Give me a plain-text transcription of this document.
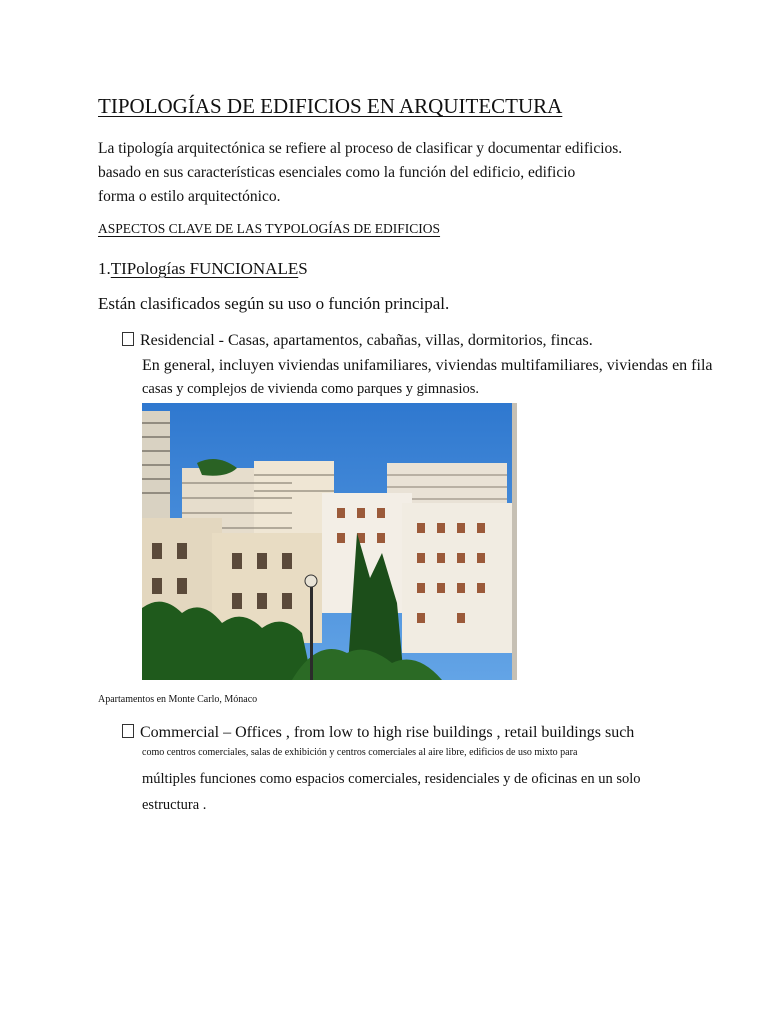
TIPOLOGÍAS DE EDIFICIOS EN ARQUITECTURA
La tipología arquitectónica se refiere al proceso de clasificar y documentar edificios.
basado en sus características esenciales como la función del edificio, edificio
forma o estilo arquitectónico.
ASPECTOS CLAVE DE LAS TYPOLOGÍAS DE EDIFICIOS
1.TIPologías FUNCIONALES
Están clasificados según su uso o función principal.
Residencial - Casas, apartamentos, cabañas, villas, dormitorios, fincas.
En general, incluyen viviendas unifamiliares, viviendas multifamiliares, viviendas en fila
casas y complejos de vivienda como parques y gimnasios.
Apartamentos en Monte Carlo, Mónaco
Commercial – Offices , from low to high rise buildings , retail buildings such
como centros comerciales, salas de exhibición y centros comerciales al aire libre, edificios de uso mixto para
múltiples funciones como espacios comerciales, residenciales y de oficinas en un solo
estructura .
